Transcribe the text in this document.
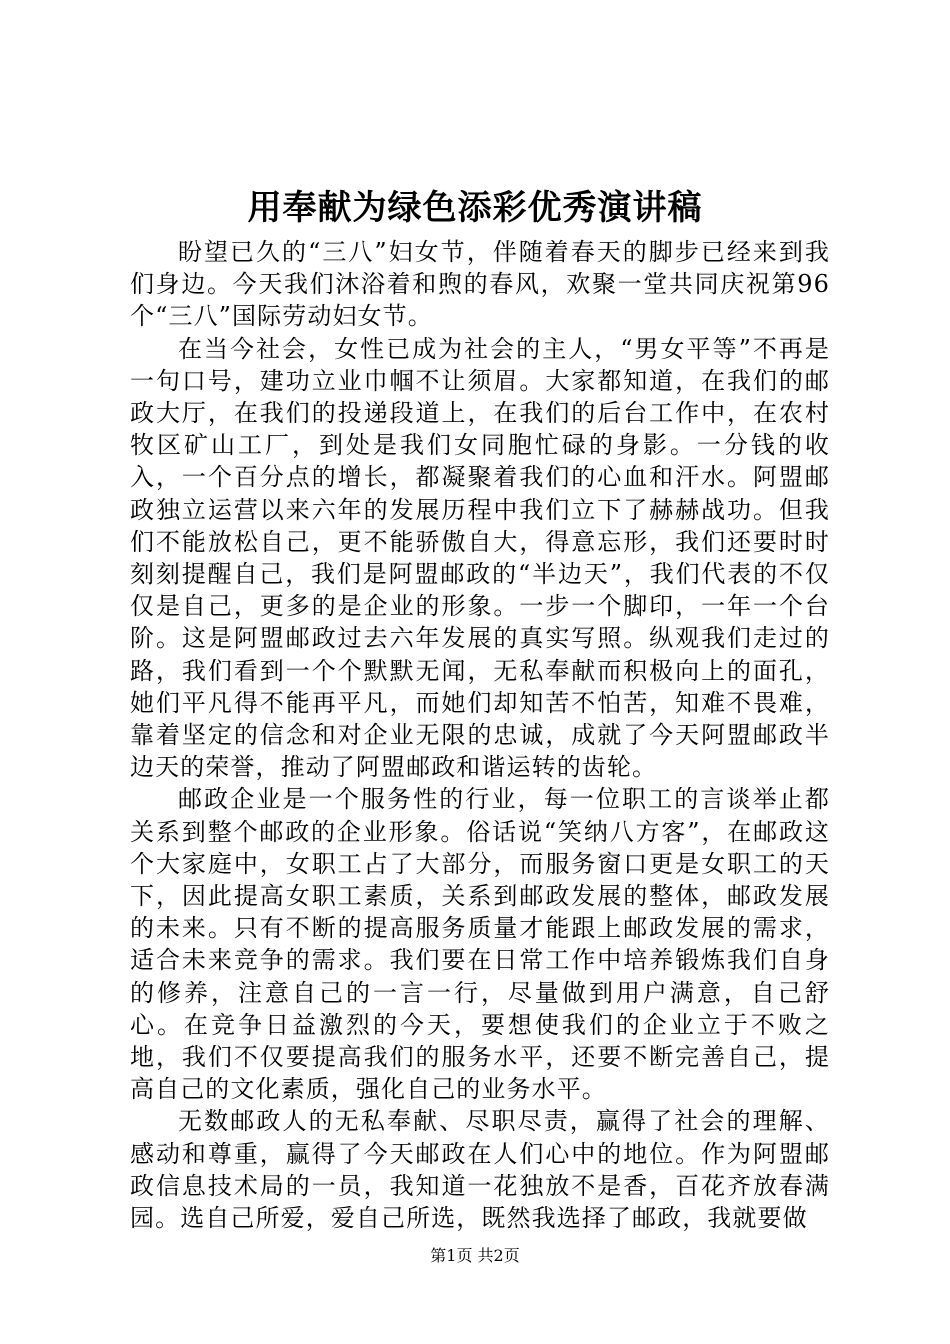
用奉献为绿色添彩优秀演讲稿

盼望已久的“三八”妇女节，伴随着春天的脚步已经来到我们身边。今天我们沐浴着和煦的春风，欢聚一堂共同庆祝第96个“三八”国际劳动妇女节。

在当今社会，女性已成为社会的主人，“男女平等”不再是一句口号，建功立业巾帼不让须眉。大家都知道，在我们的邮政大厅，在我们的投递段道上，在我们的后台工作中，在农村牧区矿山工厂，到处是我们女同胞忙碌的身影。一分钱的收入，一个百分点的增长，都凝聚着我们的心血和汗水。阿盟邮政独立运营以来六年的发展历程中我们立下了赫赫战功。但我们不能放松自己，更不能骄傲自大，得意忘形，我们还要时时刻刻提醒自己，我们是阿盟邮政的“半边天”，我们代表的不仅仅是自己，更多的是企业的形象。一步一个脚印，一年一个台阶。这是阿盟邮政过去六年发展的真实写照。纵观我们走过的路，我们看到一个个默默无闻，无私奉献而积极向上的面孔，她们平凡得不能再平凡，而她们却知苦不怕苦，知难不畏难，靠着坚定的信念和对企业无限的忠诚，成就了今天阿盟邮政半边天的荣誉，推动了阿盟邮政和谐运转的齿轮。

邮政企业是一个服务性的行业，每一位职工的言谈举止都关系到整个邮政的企业形象。俗话说“笑纳八方客”，在邮政这个大家庭中，女职工占了大部分，而服务窗口更是女职工的天下，因此提高女职工素质，关系到邮政发展的整体，邮政发展的未来。只有不断的提高服务质量才能跟上邮政发展的需求，适合未来竞争的需求。我们要在日常工作中培养锻炼我们自身的修养，注意自己的一言一行，尽量做到用户满意，自己舒心。在竞争日益激烈的今天，要想使我们的企业立于不败之地，我们不仅要提高我们的服务水平，还要不断完善自己，提高自己的文化素质，强化自己的业务水平。

无数邮政人的无私奉献、尽职尽责，赢得了社会的理解、感动和尊重，赢得了今天邮政在人们心中的地位。作为阿盟邮政信息技术局的一员，我知道一花独放不是香，百花齐放春满园。选自己所爱，爱自己所选，既然我选择了邮政，我就要做

第1页 共2页
